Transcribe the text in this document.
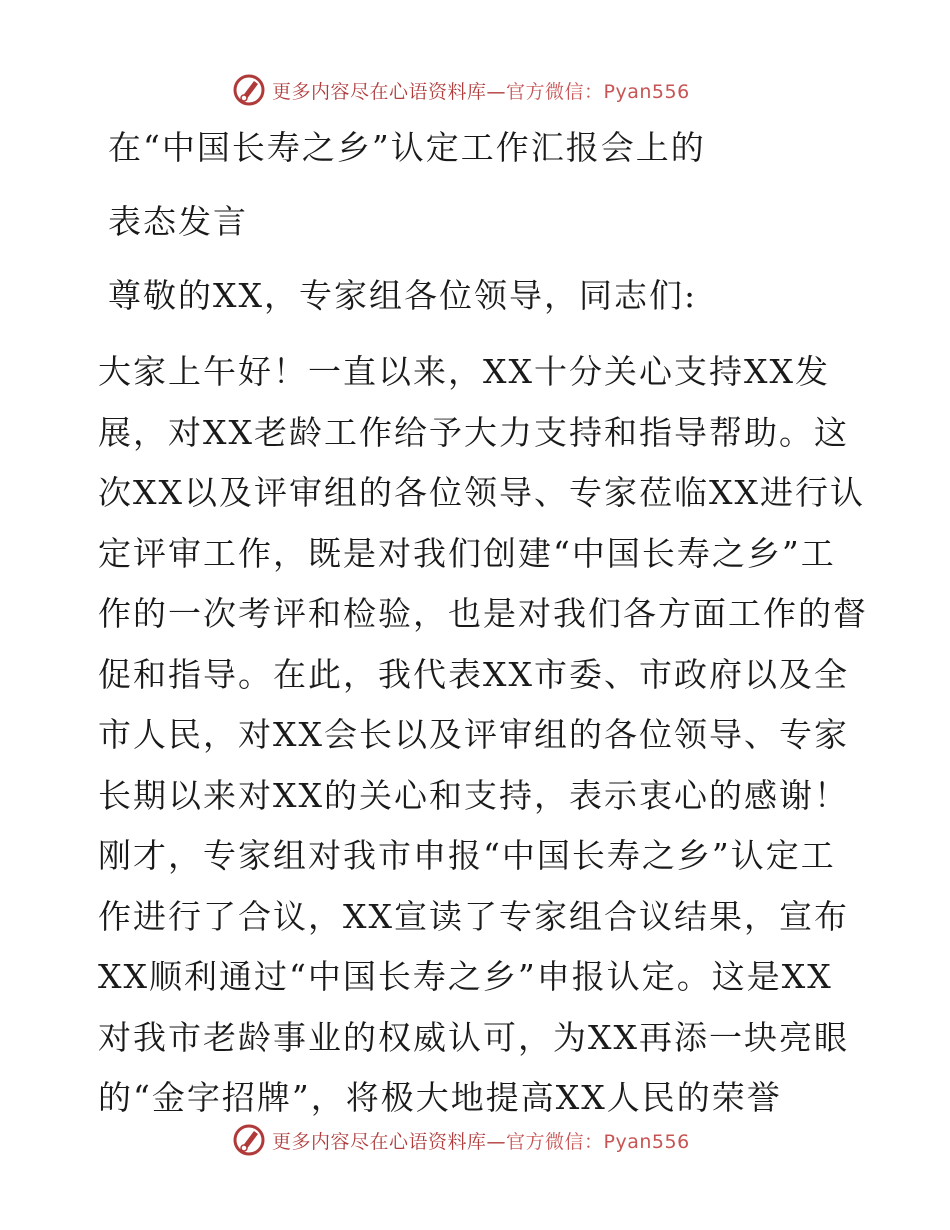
更多内容尽在心语资料库—官方微信：Pyan556

在“中国长寿之乡”认定工作汇报会上的

表态发言

尊敬的XX，专家组各位领导，同志们:

大家上午好！一直以来，XX十分关心支持XX发
展，对XX老龄工作给予大力支持和指导帮助。这
次XX以及评审组的各位领导、专家莅临XX进行认
定评审工作，既是对我们创建“中国长寿之乡”工
作的一次考评和检验，也是对我们各方面工作的督
促和指导。在此，我代表XX市委、市政府以及全
市人民，对XX会长以及评审组的各位领导、专家
长期以来对XX的关心和支持，表示衷心的感谢！
刚才，专家组对我市申报“中国长寿之乡”认定工
作进行了合议，XX宣读了专家组合议结果，宣布
XX顺利通过“中国长寿之乡”申报认定。这是XX
对我市老龄事业的权威认可，为XX再添一块亮眼
的“金字招牌”，将极大地提高XX人民的荣誉
更多内容尽在心语资料库—官方微信：Pyan556
